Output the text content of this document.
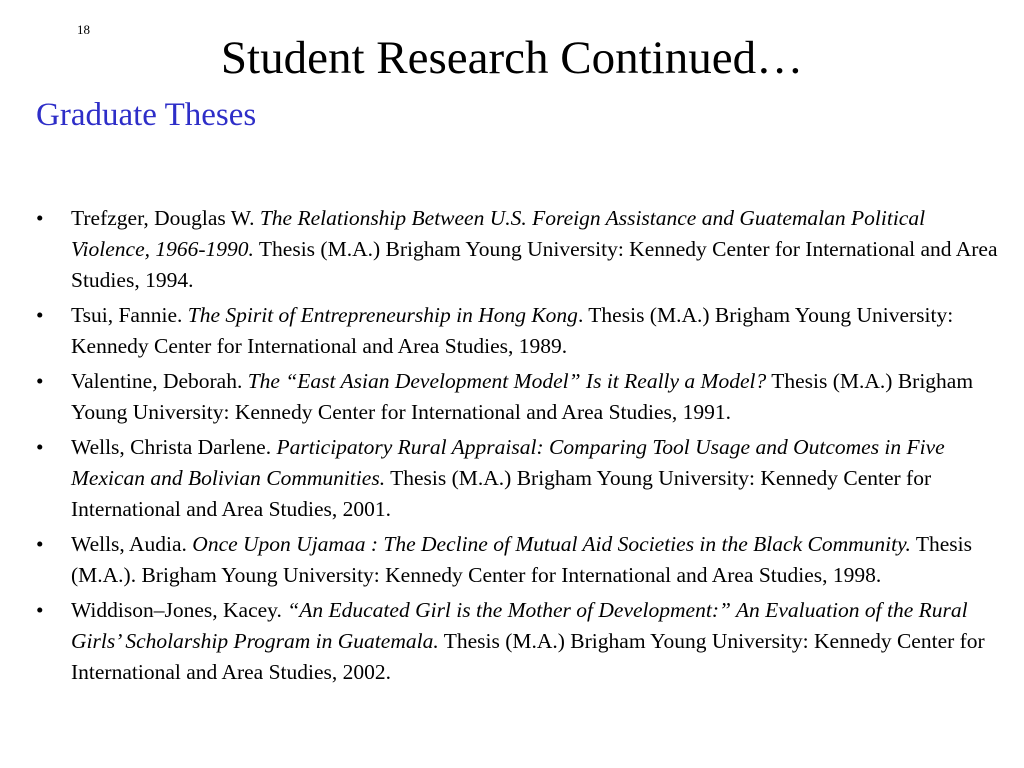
18
Student Research Continued…
Graduate Theses
• Trefzger, Douglas W. The Relationship Between U.S. Foreign Assistance and Guatemalan Political Violence, 1966-1990. Thesis (M.A.) Brigham Young University: Kennedy Center for International and Area Studies, 1994.
• Tsui, Fannie. The Spirit of Entrepreneurship in Hong Kong. Thesis (M.A.) Brigham Young University: Kennedy Center for International and Area Studies, 1989.
• Valentine, Deborah. The “East Asian Development Model” Is it Really a Model? Thesis (M.A.) Brigham Young University: Kennedy Center for International and Area Studies, 1991.
• Wells, Christa Darlene. Participatory Rural Appraisal: Comparing Tool Usage and Outcomes in Five Mexican and Bolivian Communities. Thesis (M.A.) Brigham Young University: Kennedy Center for International and Area Studies, 2001.
• Wells, Audia. Once Upon Ujamaa : The Decline of Mutual Aid Societies in the Black Community. Thesis (M.A.). Brigham Young University: Kennedy Center for International and Area Studies, 1998.
• Widdison–Jones, Kacey. “An Educated Girl is the Mother of Development:” An Evaluation of the Rural Girls’ Scholarship Program in Guatemala. Thesis (M.A.) Brigham Young University: Kennedy Center for International and Area Studies, 2002.
